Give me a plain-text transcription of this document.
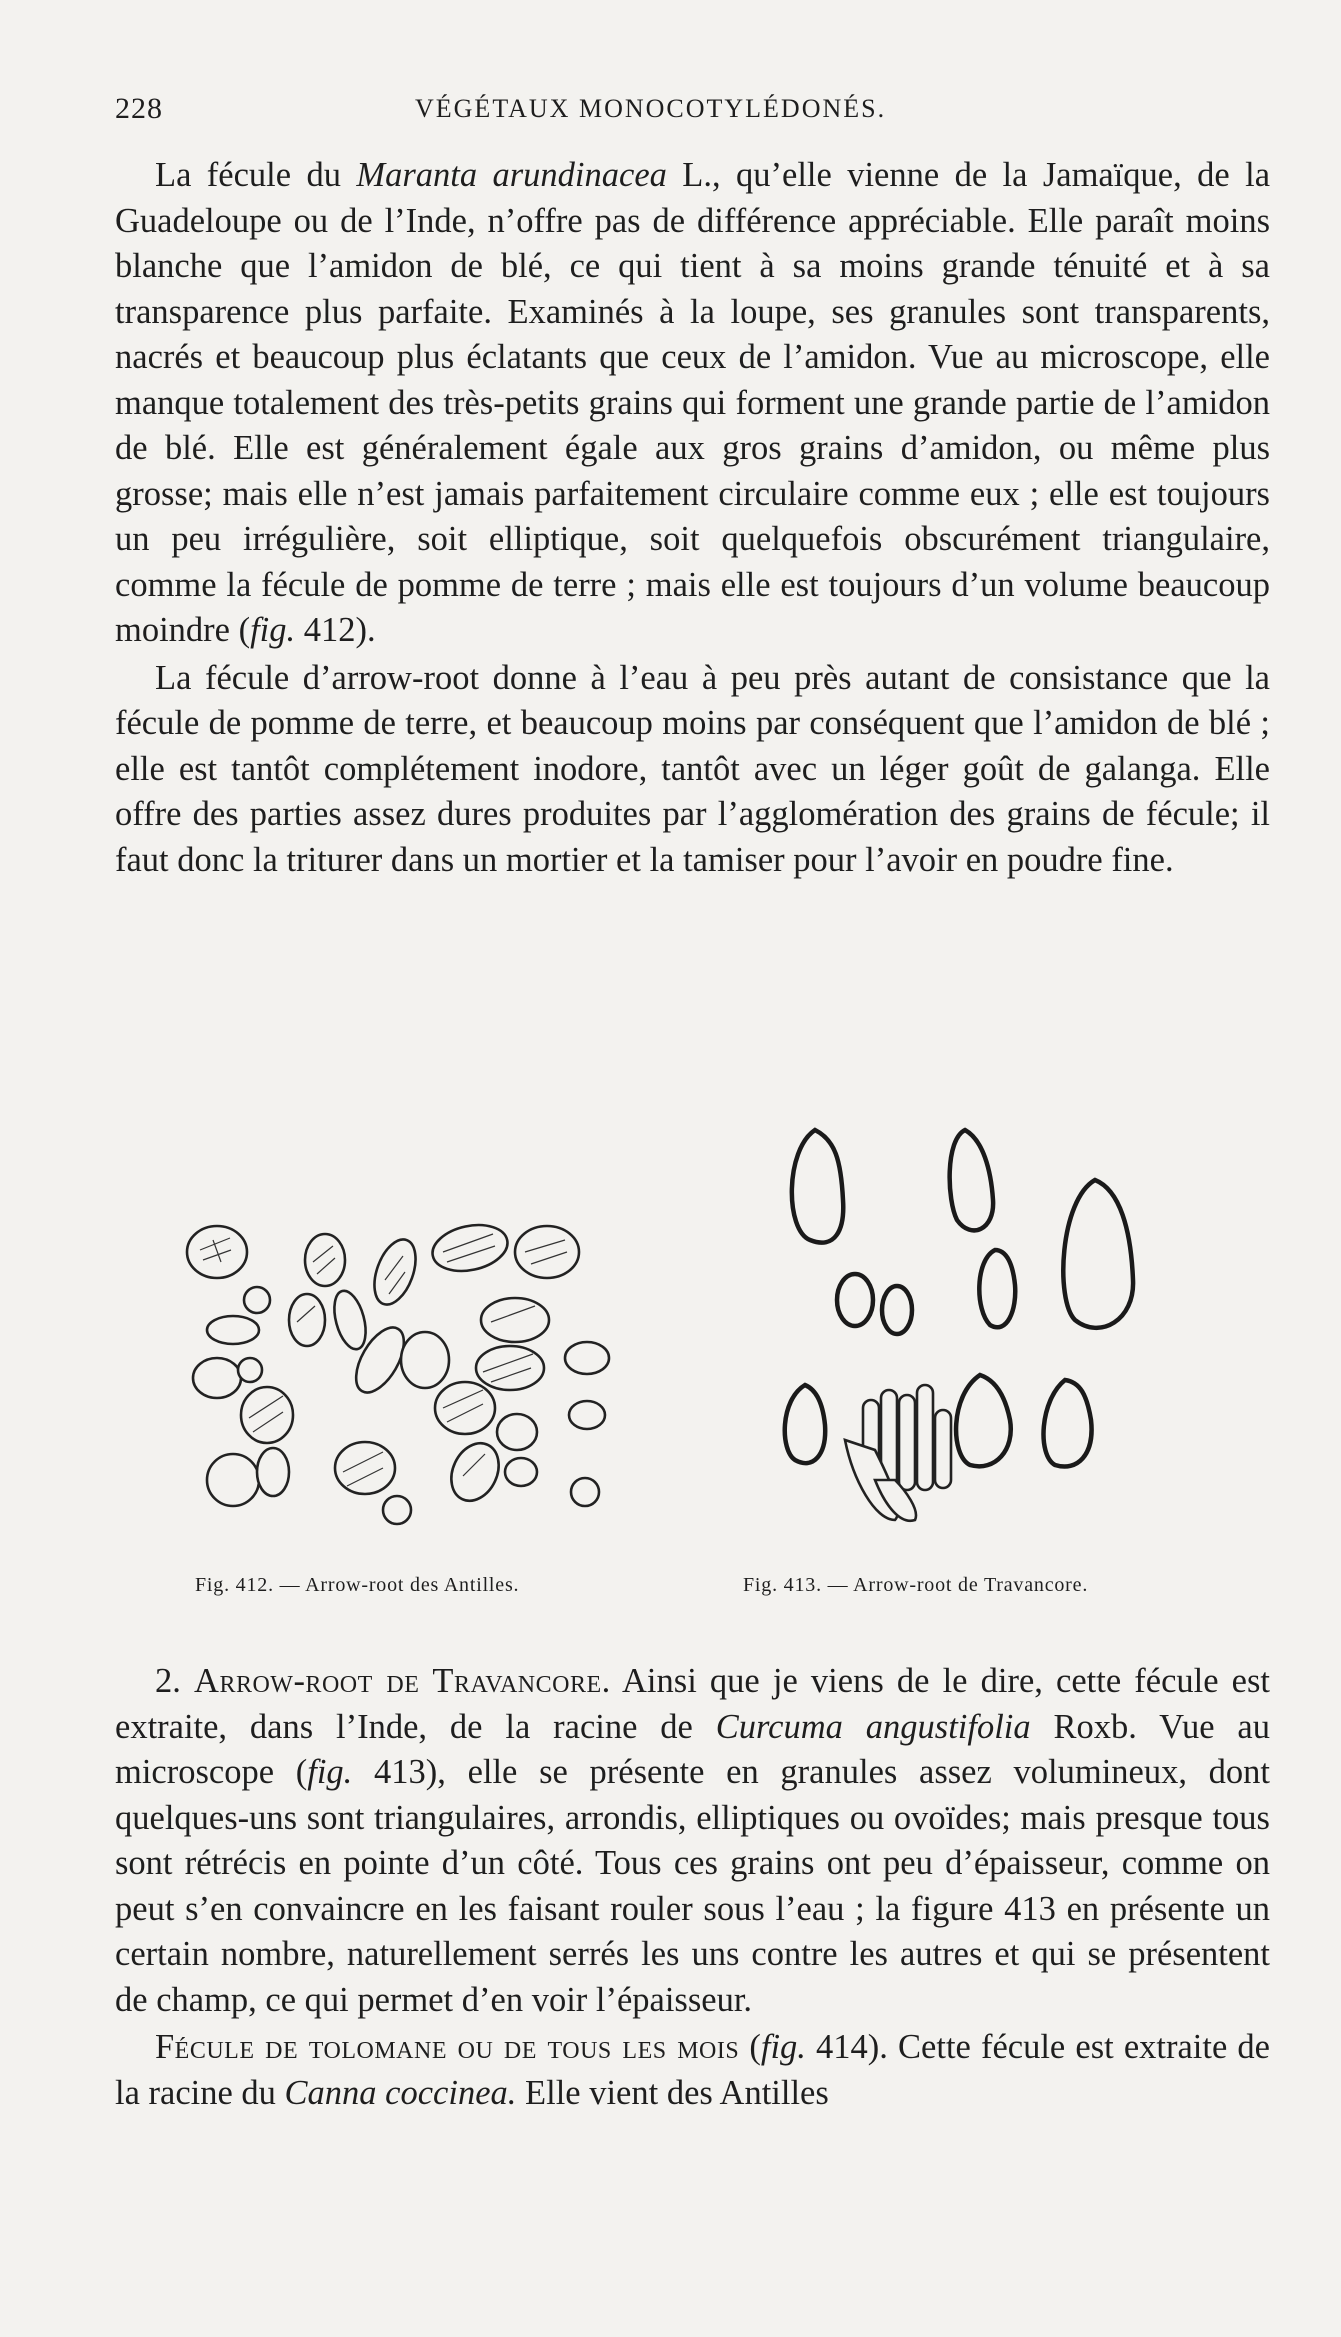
228	VÉGÉTAUX MONOCOTYLÉDONÉS.

La fécule du Maranta arundinacea L., qu’elle vienne de la Jamaïque, de la Guadeloupe ou de l’Inde, n’offre pas de différence appréciable. Elle paraît moins blanche que l’amidon de blé, ce qui tient à sa moins grande ténuité et à sa transparence plus parfaite. Examinés à la loupe, ses granules sont transparents, nacrés et beaucoup plus éclatants que ceux de l’amidon. Vue au microscope, elle manque totalement des très-petits grains qui forment une grande partie de l’amidon de blé. Elle est généralement égale aux gros grains d’amidon, ou même plus grosse; mais elle n’est jamais parfaitement circulaire comme eux ; elle est toujours un peu irrégulière, soit elliptique, soit quelquefois obscurément triangulaire, comme la fécule de pomme de terre ; mais elle est toujours d’un volume beaucoup moindre (fig. 412).

La fécule d’arrow-root donne à l’eau à peu près autant de consistance que la fécule de pomme de terre, et beaucoup moins par conséquent que l’amidon de blé ; elle est tantôt complétement inodore, tantôt avec un léger goût de galanga. Elle offre des parties assez dures produites par l’agglomération des grains de fécule; il faut donc la triturer dans un mortier et la tamiser pour l’avoir en poudre fine.

Fig. 412. — Arrow-root des Antilles.	Fig. 413. — Arrow-root de Travancore.

2. Arrow-root de Travancore. Ainsi que je viens de le dire, cette fécule est extraite, dans l’Inde, de la racine de Curcuma angustifolia Roxb. Vue au microscope (fig. 413), elle se présente en granules assez volumineux, dont quelques-uns sont triangulaires, arrondis, elliptiques ou ovoïdes; mais presque tous sont rétrécis en pointe d’un côté. Tous ces grains ont peu d’épaisseur, comme on peut s’en convaincre en les faisant rouler sous l’eau ; la figure 413 en présente un certain nombre, naturellement serrés les uns contre les autres et qui se présentent de champ, ce qui permet d’en voir l’épaisseur.

Fécule de tolomane ou de tous les mois (fig. 414). Cette fécule est extraite de la racine du Canna coccinea. Elle vient des Antilles
